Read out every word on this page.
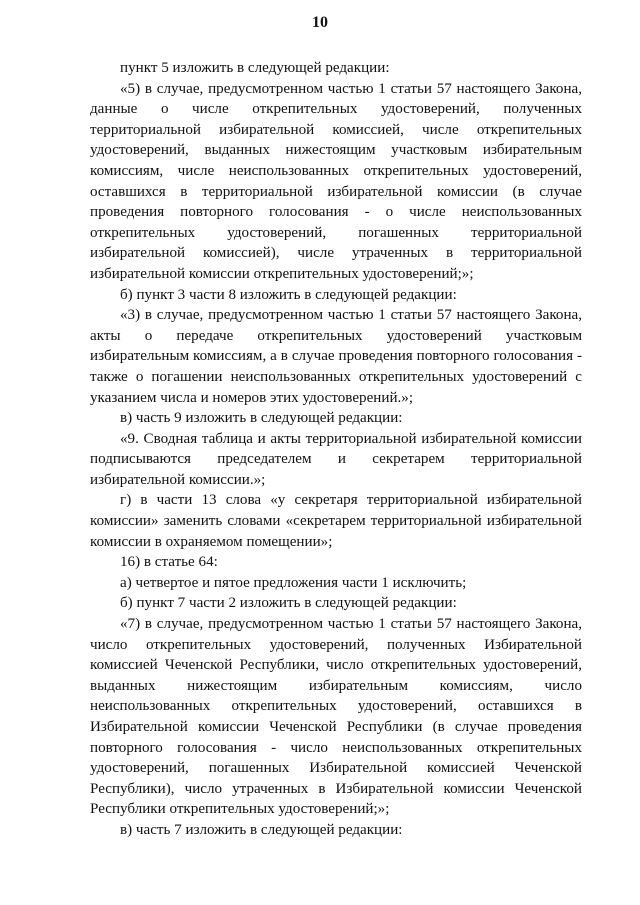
10

пункт 5 изложить в следующей редакции:

«5) в случае, предусмотренном частью 1 статьи 57 настоящего Закона, данные о числе открепительных удостоверений, полученных территориальной избирательной комиссией, числе открепительных удостоверений, выданных нижестоящим участковым избирательным комиссиям, числе неиспользованных открепительных удостоверений, оставшихся в территориальной избирательной комиссии (в случае проведения повторного голосования - о числе неиспользованных открепительных удостоверений, погашенных территориальной избирательной комиссией), числе утраченных в территориальной избирательной комиссии открепительных удостоверений;»;

б) пункт 3 части 8 изложить в следующей редакции:

«3) в случае, предусмотренном частью 1 статьи 57 настоящего Закона, акты о передаче открепительных удостоверений участковым избирательным комиссиям, а в случае проведения повторного голосования - также о погашении неиспользованных открепительных удостоверений с указанием числа и номеров этих удостоверений.»;

в) часть 9 изложить в следующей редакции:

«9. Сводная таблица и акты территориальной избирательной комиссии подписываются председателем и секретарем территориальной избирательной комиссии.»;

г) в части 13 слова «у секретаря территориальной избирательной комиссии» заменить словами «секретарем территориальной избирательной комиссии в охраняемом помещении»;

16) в статье 64:

а) четвертое и пятое предложения части 1 исключить;

б) пункт 7 части 2 изложить в следующей редакции:

«7) в случае, предусмотренном частью 1 статьи 57 настоящего Закона, число открепительных удостоверений, полученных Избирательной комиссией Чеченской Республики, число открепительных удостоверений, выданных нижестоящим избирательным комиссиям, число неиспользованных открепительных удостоверений, оставшихся в Избирательной комиссии Чеченской Республики (в случае проведения повторного голосования - число неиспользованных открепительных удостоверений, погашенных Избирательной комиссией Чеченской Республики), число утраченных в Избирательной комиссии Чеченской Республики открепительных удостоверений;»;

в) часть 7 изложить в следующей редакции:
